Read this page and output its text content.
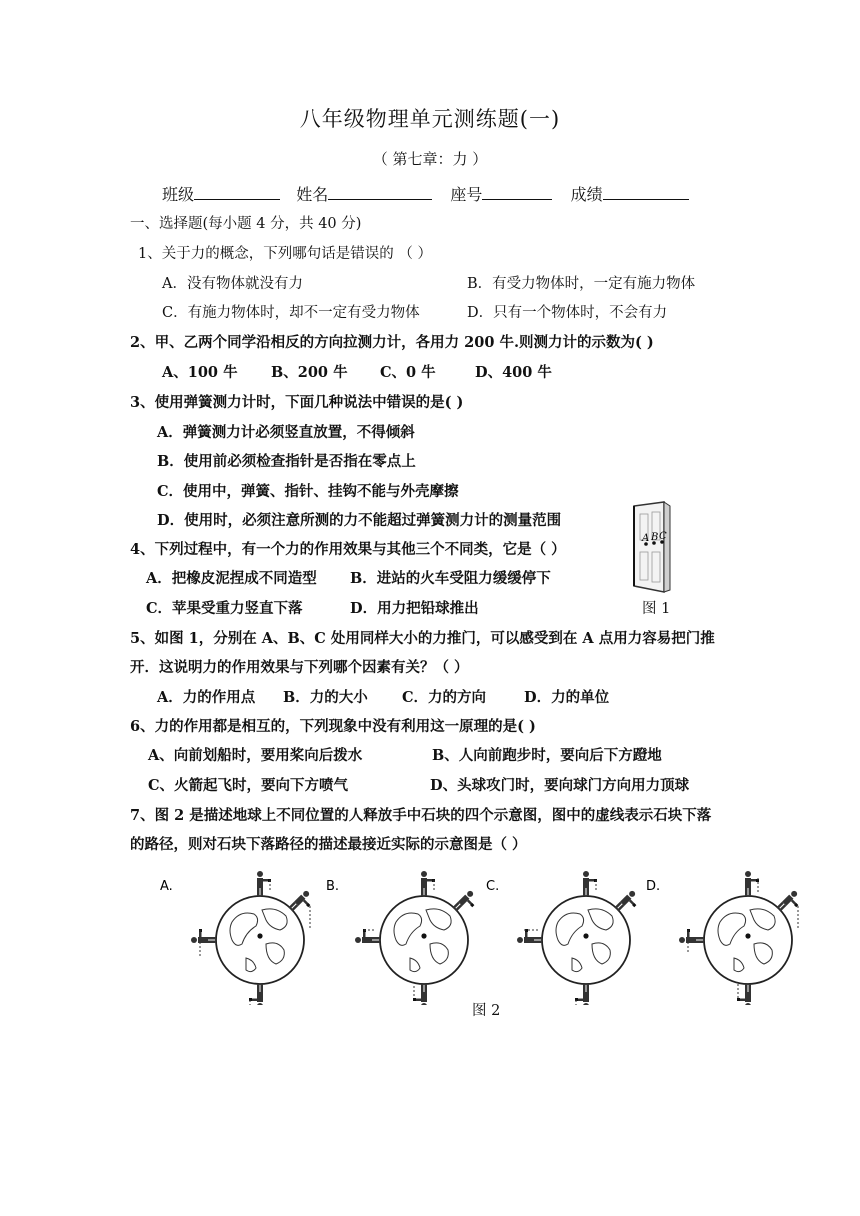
八年级物理单元测练题(一)
（ 第七章：力 ）
班级	姓名	座号	成绩
一、选择题(每小题 4 分，共 40 分)
1、关于力的概念，下列哪句话是错误的 （ ）
A．没有物体就没有力	B．有受力物体时，一定有施力物体
C．有施力物体时，却不一定有受力物体	D．只有一个物体时，不会有力
2、甲、乙两个同学沿相反的方向拉测力计，各用力 200 牛.则测力计的示数为( )
A、100 牛 B、200 牛 C、0 牛	D、400 牛
3、使用弹簧测力计时，下面几种说法中错误的是( )
A．弹簧测力计必须竖直放置，不得倾斜
B．使用前必须检查指针是否指在零点上
C．使用中，弹簧、指针、挂钩不能与外壳摩擦
D．使用时，必须注意所测的力不能超过弹簧测力计的测量范围
A B C
4、下列过程中，有一个力的作用效果与其他三个不同类，它是（ ）
A．把橡皮泥捏成不同造型 B．进站的火车受阻力缓缓停下
C．苹果受重力竖直下落	D．用力把铅球推出	图 1
5、如图 1，分别在 A、B、C 处用同样大小的力推门，可以感受到在 A 点用力容易把门推
开．这说明力的作用效果与下列哪个因素有关？（ ）
A．力的作用点 B．力的大小 C．力的方向	D．力的单位
6、力的作用都是相互的，下列现象中没有利用这一原理的是( )
A、向前划船时，要用桨向后拨水	B、人向前跑步时，要向后下方蹬地
C、火箭起飞时，要向下方喷气	D、头球攻门时，要向球门方向用力顶球
7、图 2 是描述地球上不同位置的人释放手中石块的四个示意图，图中的虚线表示石块下落
的路径，则对石块下落路径的描述最接近实际的示意图是（ ）
A.	B.	C.	D.
图 2
